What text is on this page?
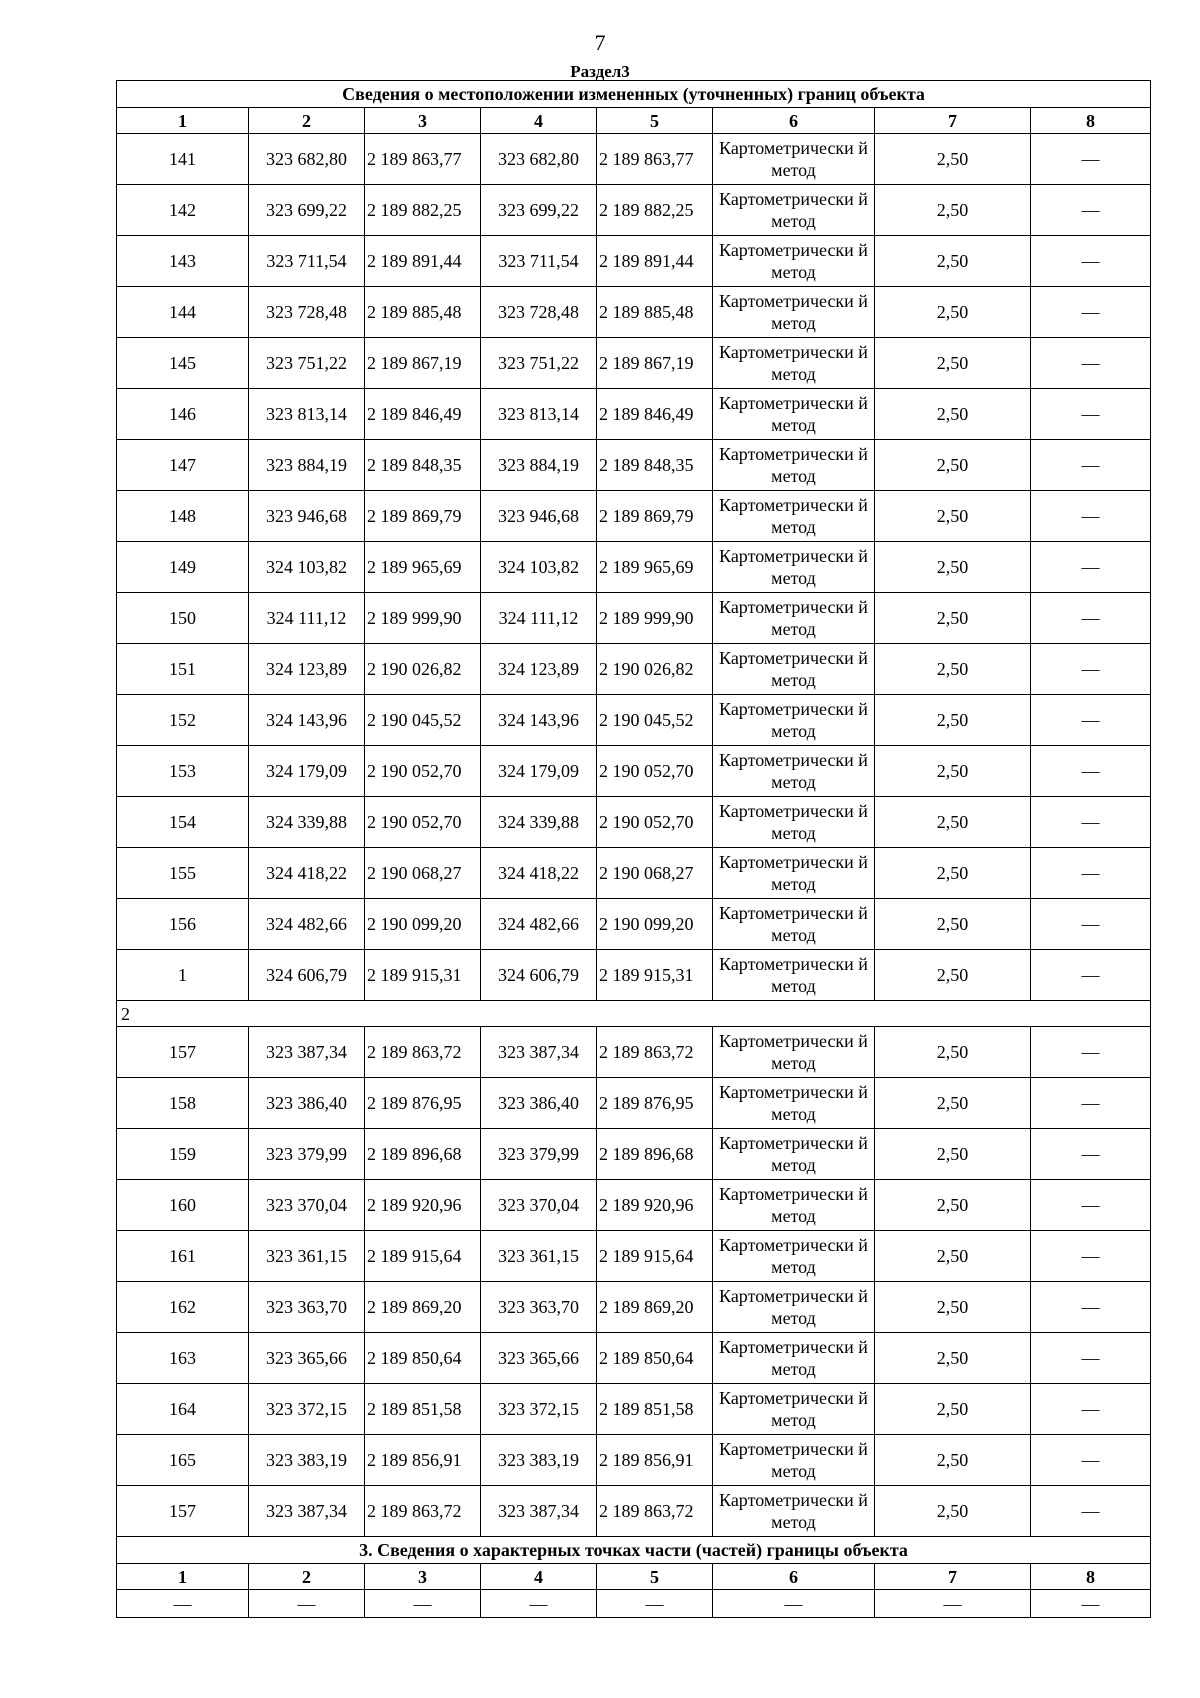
7
Раздел3
Сведения о местоположении измененных (уточненных) границ объекта							
1	2	3	4	5	6	7	8
141	323 682,80	2 189 863,77	323 682,80	2 189 863,77	Картометрически й метод	2,50	—
142	323 699,22	2 189 882,25	323 699,22	2 189 882,25	Картометрически й метод	2,50	—
143	323 711,54	2 189 891,44	323 711,54	2 189 891,44	Картометрически й метод	2,50	—
144	323 728,48	2 189 885,48	323 728,48	2 189 885,48	Картометрически й метод	2,50	—
145	323 751,22	2 189 867,19	323 751,22	2 189 867,19	Картометрически й метод	2,50	—
146	323 813,14	2 189 846,49	323 813,14	2 189 846,49	Картометрически й метод	2,50	—
147	323 884,19	2 189 848,35	323 884,19	2 189 848,35	Картометрически й метод	2,50	—
148	323 946,68	2 189 869,79	323 946,68	2 189 869,79	Картометрически й метод	2,50	—
149	324 103,82	2 189 965,69	324 103,82	2 189 965,69	Картометрически й метод	2,50	—
150	324 111,12	2 189 999,90	324 111,12	2 189 999,90	Картометрически й метод	2,50	—
151	324 123,89	2 190 026,82	324 123,89	2 190 026,82	Картометрически й метод	2,50	—
152	324 143,96	2 190 045,52	324 143,96	2 190 045,52	Картометрически й метод	2,50	—
153	324 179,09	2 190 052,70	324 179,09	2 190 052,70	Картометрически й метод	2,50	—
154	324 339,88	2 190 052,70	324 339,88	2 190 052,70	Картометрически й метод	2,50	—
155	324 418,22	2 190 068,27	324 418,22	2 190 068,27	Картометрически й метод	2,50	—
156	324 482,66	2 190 099,20	324 482,66	2 190 099,20	Картометрически й метод	2,50	—
1	324 606,79	2 189 915,31	324 606,79	2 189 915,31	Картометрически й метод	2,50	—
2							
157	323 387,34	2 189 863,72	323 387,34	2 189 863,72	Картометрически й метод	2,50	—
158	323 386,40	2 189 876,95	323 386,40	2 189 876,95	Картометрически й метод	2,50	—
159	323 379,99	2 189 896,68	323 379,99	2 189 896,68	Картометрически й метод	2,50	—
160	323 370,04	2 189 920,96	323 370,04	2 189 920,96	Картометрически й метод	2,50	—
161	323 361,15	2 189 915,64	323 361,15	2 189 915,64	Картометрически й метод	2,50	—
162	323 363,70	2 189 869,20	323 363,70	2 189 869,20	Картометрически й метод	2,50	—
163	323 365,66	2 189 850,64	323 365,66	2 189 850,64	Картометрически й метод	2,50	—
164	323 372,15	2 189 851,58	323 372,15	2 189 851,58	Картометрически й метод	2,50	—
165	323 383,19	2 189 856,91	323 383,19	2 189 856,91	Картометрически й метод	2,50	—
157	323 387,34	2 189 863,72	323 387,34	2 189 863,72	Картометрически й метод	2,50	—
3. Сведения о характерных точках части (частей) границы объекта							
1	2	3	4	5	6	7	8
—	—	—	—	—	—	—	—
